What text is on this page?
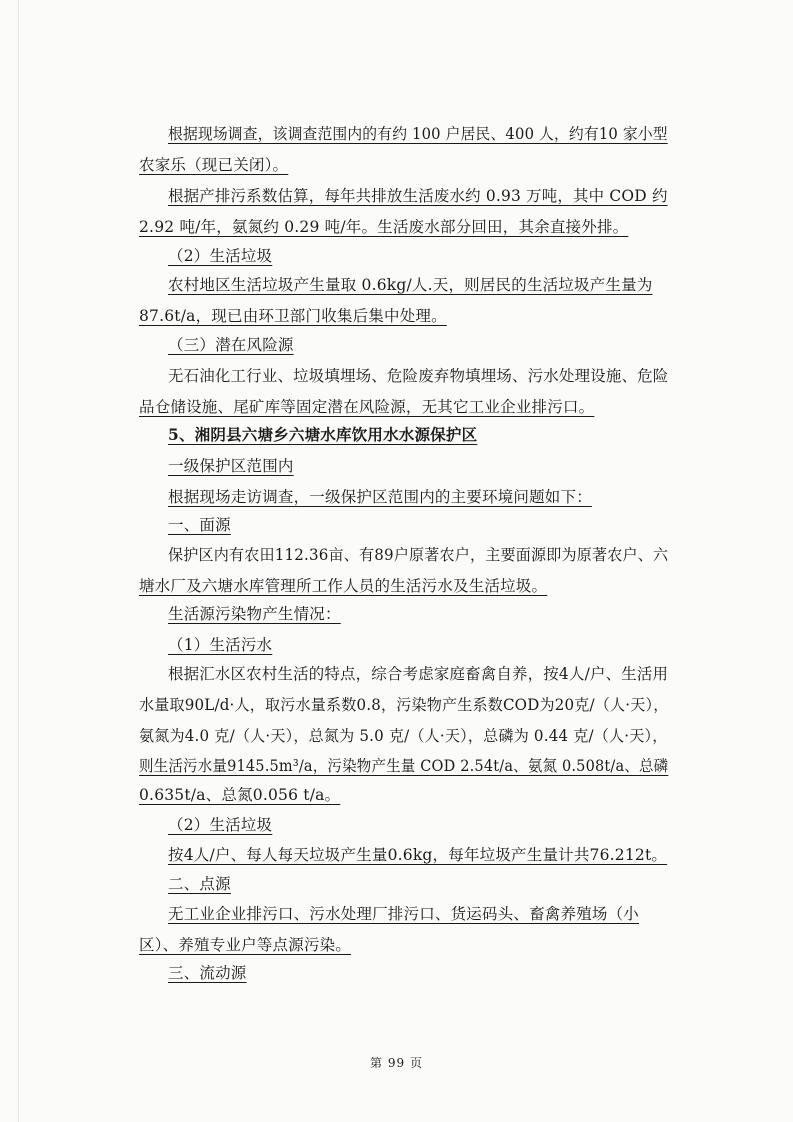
根据现场调查，该调查范围内的有约 100 户居民、400 人，约有10 家小型
农家乐（现已关闭）。
根据产排污系数估算，每年共排放生活废水约 0.93 万吨，其中 COD 约
2.92 吨/年，氨氮约 0.29 吨/年。生活废水部分回田，其余直接外排。
（2）生活垃圾
农村地区生活垃圾产生量取 0.6kg/人.天，则居民的生活垃圾产生量为
87.6t/a，现已由环卫部门收集后集中处理。
（三）潜在风险源
无石油化工行业、垃圾填埋场、危险废弃物填埋场、污水处理设施、危险
品仓储设施、尾矿库等固定潜在风险源，无其它工业企业排污口。
5、湘阴县六塘乡六塘水库饮用水水源保护区
一级保护区范围内
根据现场走访调查，一级保护区范围内的主要环境问题如下：
一、面源
保护区内有农田112.36亩、有89户原著农户，主要面源即为原著农户、六
塘水厂及六塘水库管理所工作人员的生活污水及生活垃圾。
生活源污染物产生情况：
（1）生活污水
根据汇水区农村生活的特点，综合考虑家庭畜禽自养，按4人/户、生活用
水量取90L/d·人，取污水量系数0.8，污染物产生系数COD为20克/（人·天），
氨氮为4.0 克/（人·天），总氮为 5.0 克/（人·天），总磷为 0.44 克/（人·天），
则生活污水量9145.5m³/a，污染物产生量 COD 2.54t/a、氨氮 0.508t/a、总磷
0.635t/a、总氮0.056 t/a。
（2）生活垃圾
按4人/户、每人每天垃圾产生量0.6kg，每年垃圾产生量计共76.212t。
二、点源
无工业企业排污口、污水处理厂排污口、货运码头、畜禽养殖场（小
区）、养殖专业户等点源污染。
三、流动源
第 99 页
